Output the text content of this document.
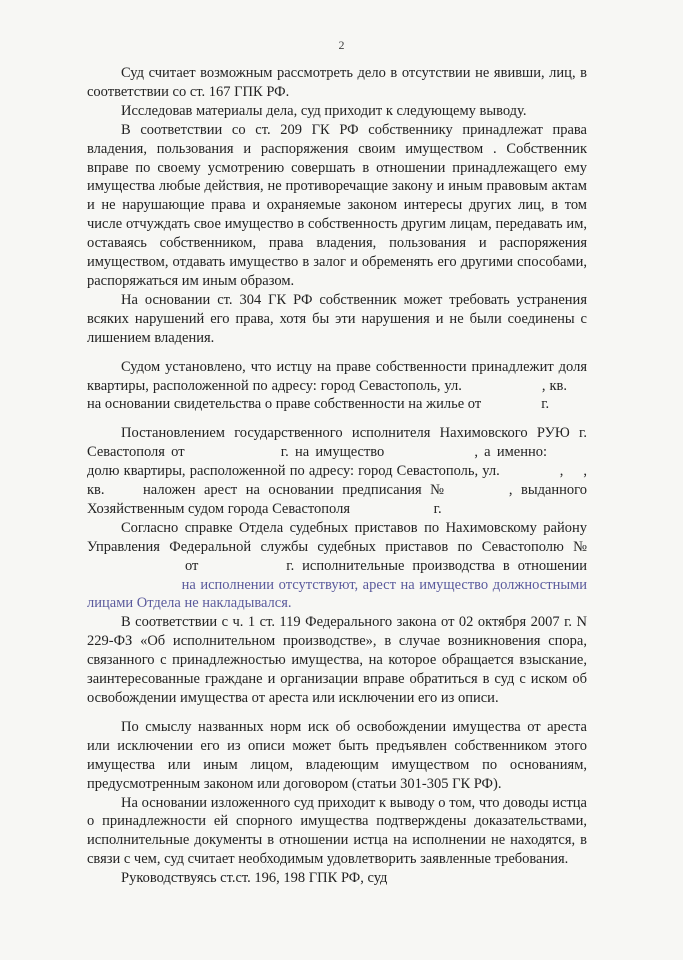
2

Суд считает возможным рассмотреть дело в отсутствии не явивши, лиц, в соответствии со ст. 167 ГПК РФ.

Исследовав материалы дела, суд приходит к следующему выводу.

В соответствии со ст. 209 ГК РФ собственнику принадлежат права владения, пользования и распоряжения своим имуществом . Собственник вправе по своему усмотрению совершать в отношении принадлежащего ему имущества любые действия, не противоречащие закону и иным правовым актам и не нарушающие права и охраняемые законом интересы других лиц, в том числе отчуждать свое имущество в собственность другим лицам, передавать им, оставаясь собственником, права владения, пользования и распоряжения имуществом, отдавать имущество в залог и обременять его другими способами, распоряжаться им иным образом.

На основании ст. 304 ГК РФ собственник может требовать устранения всяких нарушений его права, хотя бы эти нарушения и не были соединены с лишением владения.

Судом установлено, что истцу на праве собственности принадлежит доля квартиры, расположенной по адресу: город Севастополь, ул.	, кв. на основании свидетельства о праве собственности на жилье от	г.

Постановлением государственного исполнителя Нахимовского РУЮ г. Севастополя от	г. на имущество	, а именно: долю квартиры, расположенной по адресу: город Севастополь, ул.	, , кв.	наложен арест на основании предписания №	, выданного Хозяйственным судом города Севастополя	г.

Согласно справке Отдела судебных приставов по Нахимовскому району Управления Федеральной службы судебных приставов по Севастополю № от	г. исполнительные производства в отношении на исполнении отсутствуют, арест на имущество должностными лицами Отдела не накладывался.

В соответствии с ч. 1 ст. 119 Федерального закона от 02 октября 2007 г. N 229-ФЗ «Об исполнительном производстве», в случае возникновения спора, связанного с принадлежностью имущества, на которое обращается взыскание, заинтересованные граждане и организации вправе обратиться в суд с иском об освобождении имущества от ареста или исключении его из описи.

По смыслу названных норм иск об освобождении имущества от ареста или исключении его из описи может быть предъявлен собственником этого имущества или иным лицом, владеющим имуществом по основаниям, предусмотренным законом или договором (статьи 301-305 ГК РФ).

На основании изложенного суд приходит к выводу о том, что доводы истца о принадлежности ей спорного имущества подтверждены доказательствами, исполнительные документы в отношении истца на исполнении не находятся, в связи с чем, суд считает необходимым удовлетворить заявленные требования.

Руководствуясь ст.ст. 196, 198 ГПК РФ, суд
